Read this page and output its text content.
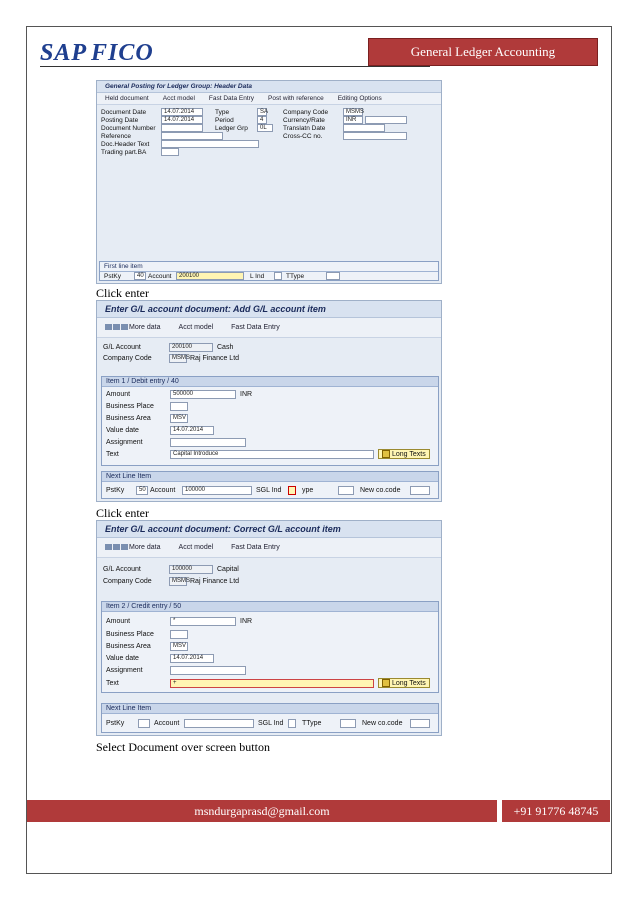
SAP FICO	General Ledger Accounting
General Posting for Ledger Group: Header Data
Held document Acct model Fast Data Entry Post with reference Editing Options
Document Date	14.07.2014
Posting Date	14.07.2014
Document Number
Reference
Doc.Header Text
Trading part.BA
Type	SA
Period	4
Ledger Grp	0L
Company Code	MSMS
Currency/Rate	INR
Translatn Date
Cross-CC no.
First line item
PstKy	40 Account	200100	L Ind	TType
Click enter
Enter G/L account document: Add G/L account item
More data	Acct model	Fast Data Entry
G/L Account	200100	Cash
Company Code	MSMS Raj Finance Ltd
Item 1 / Debit entry / 40
Amount	500000	INR
Business Place
Business Area	MSV
Value date	14.07.2014
Assignment
Text	Capital Introduce	Long Texts
Next Line Item
PstKy	50 Account	100000	SGL Ind	ype	New co.code
Click enter
Enter G/L account document: Correct G/L account item
More data	Acct model	Fast Data Entry
G/L Account	100000	Capital
Company Code	MSMS Raj Finance Ltd
Item 2 / Credit entry / 50
Amount	*	INR
Business Place
Business Area	MSV
Value date	14.07.2014
Assignment
Text	+	Long Texts
Next Line Item
PstKy	Account	SGL Ind	TType	New co.code
Select Document over screen button
msndurgaprasd@gmail.com	+91 91776 48745
